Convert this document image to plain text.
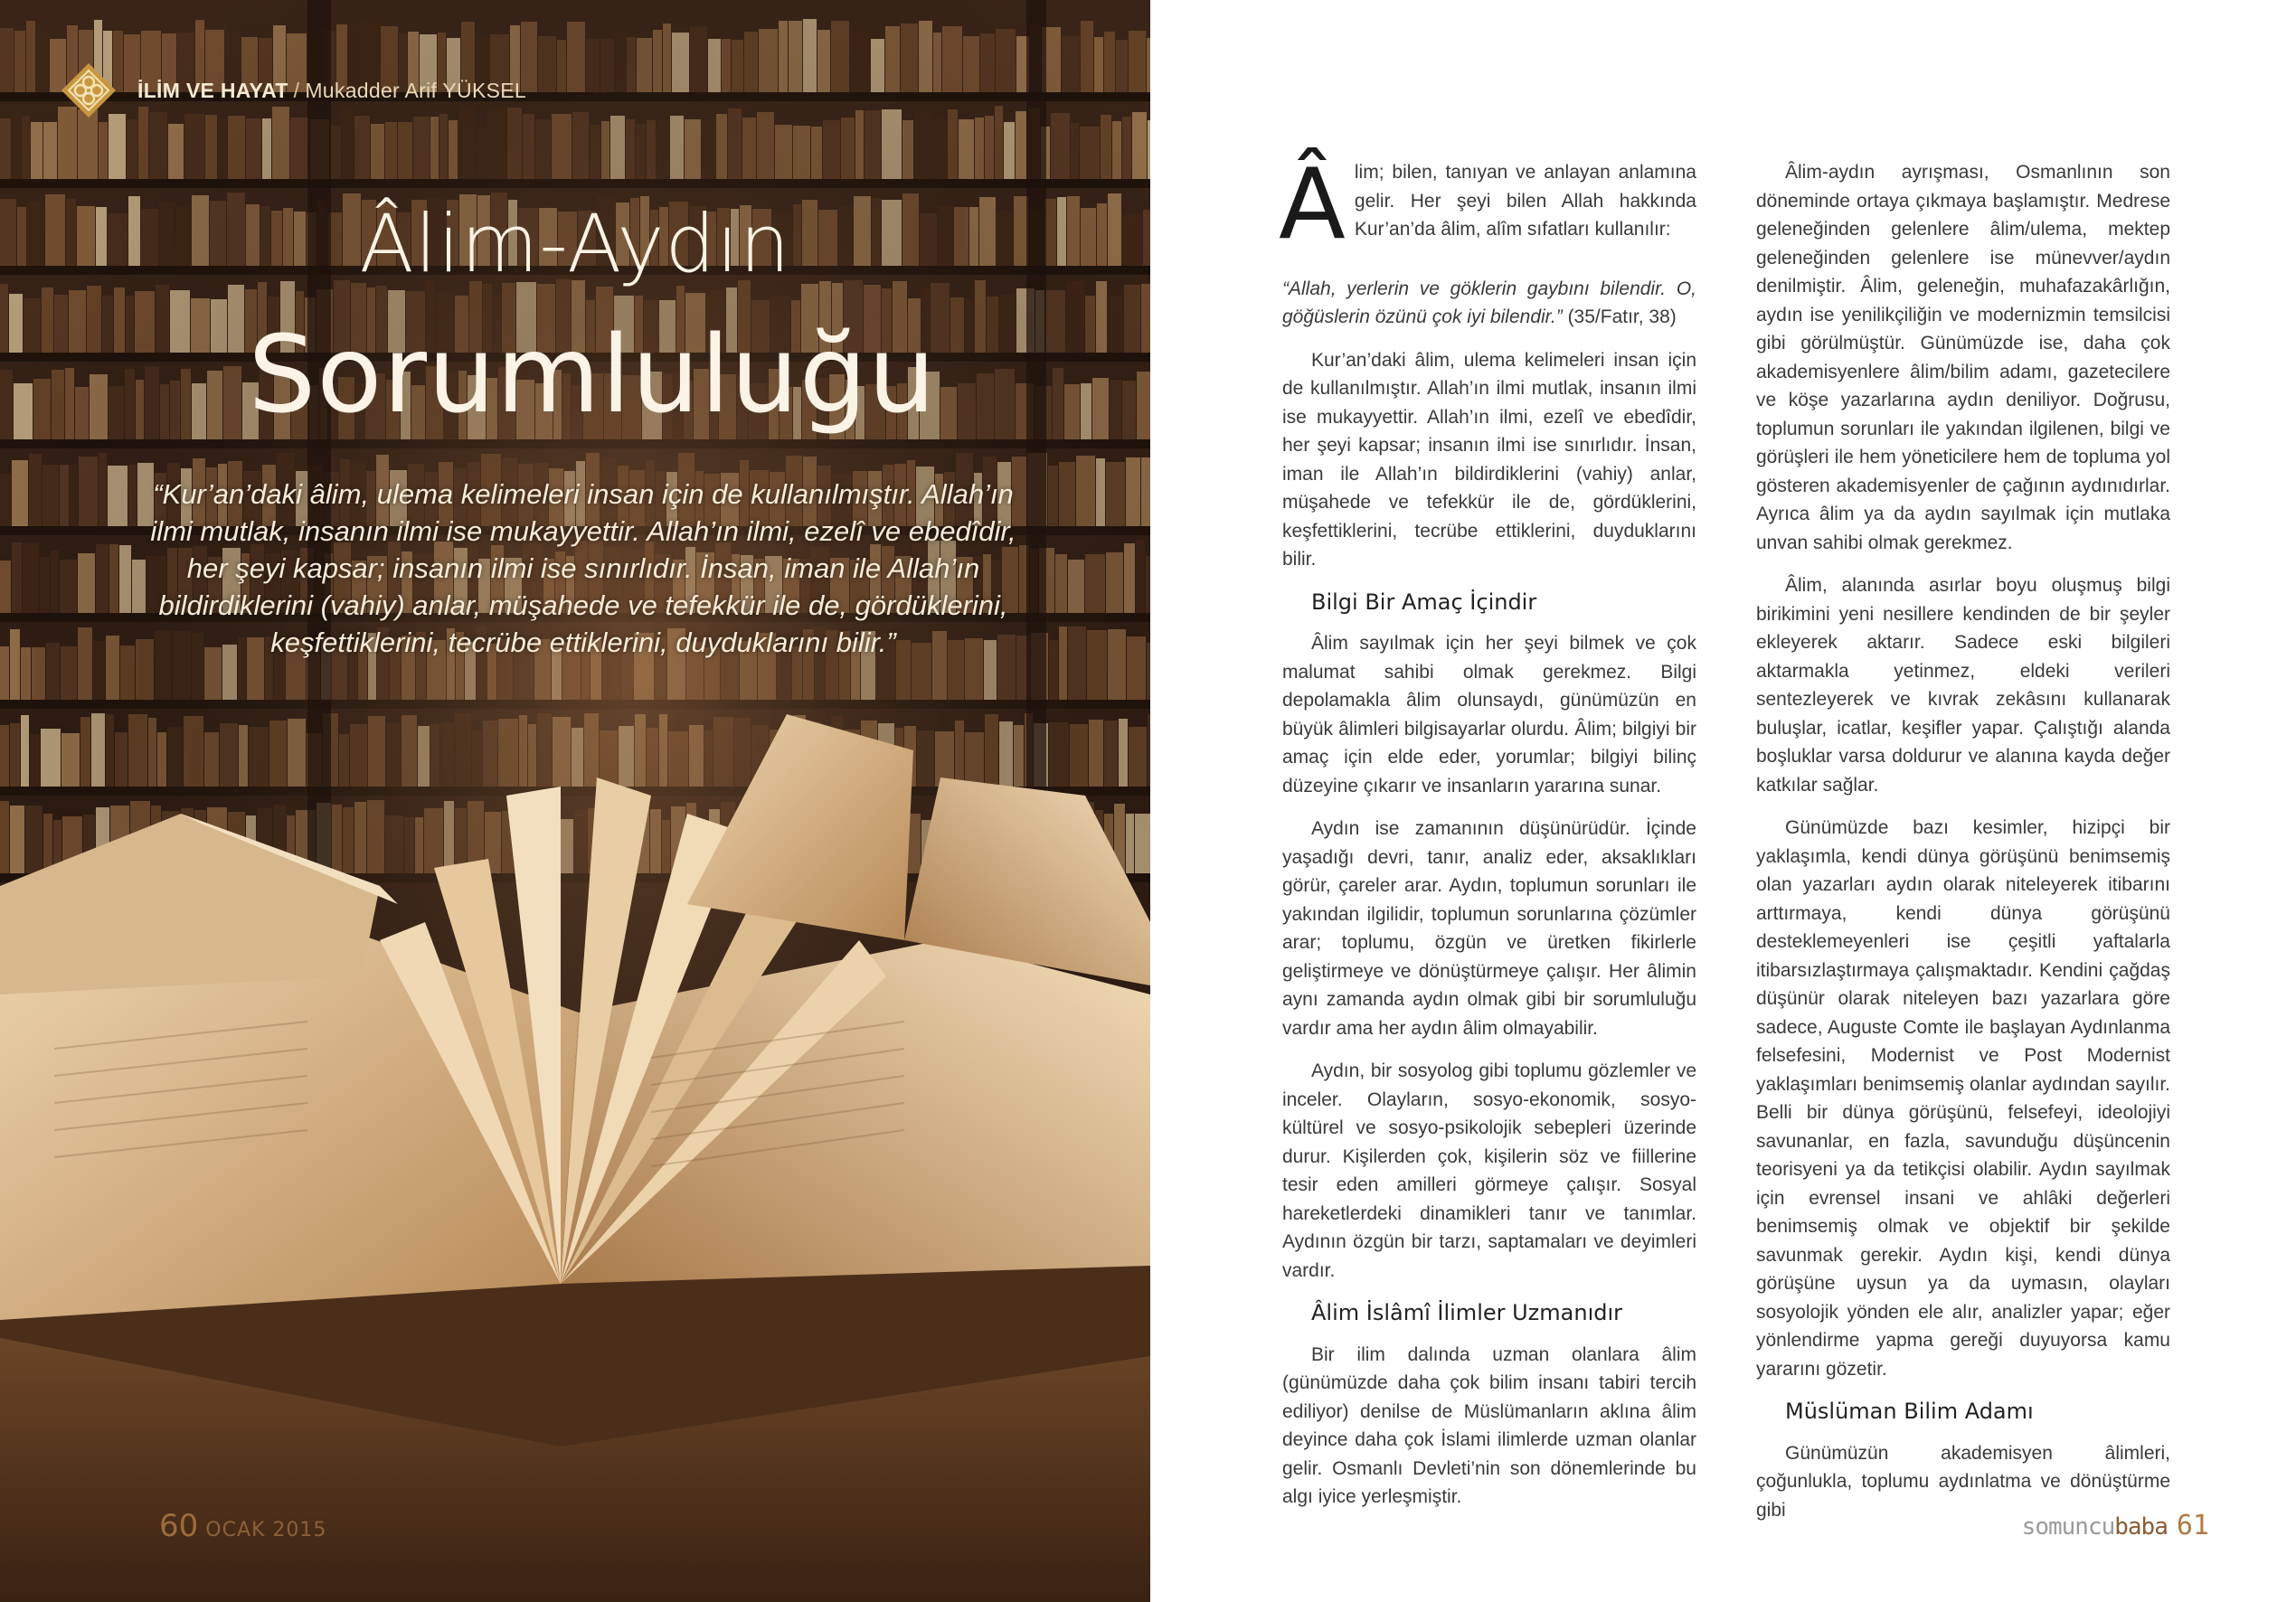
İLİM VE HAYAT / Mukadder Arif YÜKSEL
Âlim-Aydın
Sorumluluğu
“Kur’an’daki âlim, ulema kelimeleri insan için de kullanılmıştır. Allah’ın ilmi mutlak, insanın ilmi ise mukayyettir. Allah’ın ilmi, ezelî ve ebedîdir, her şeyi kapsar; insanın ilmi ise sınırlıdır. İnsan, iman ile Allah’ın bildirdiklerini (vahiy) anlar, müşahede ve tefekkür ile de, gördüklerini, keşfettiklerini, tecrübe ettiklerini, duyduklarını bilir.”
60 OCAK 2015

Âlim; bilen, tanıyan ve anlayan anlamına gelir. Her şeyi bilen Allah hakkında Kur’an’da âlim, alîm sıfatları kullanılır:

“Allah, yerlerin ve göklerin gaybını bilendir. O, göğüslerin özünü çok iyi bilendir.” (35/Fatır, 38)

Kur’an’daki âlim, ulema kelimeleri insan için de kullanılmıştır. Allah’ın ilmi mutlak, insanın ilmi ise mukayyettir. Allah’ın ilmi, ezelî ve ebedîdir, her şeyi kapsar; insanın ilmi ise sınırlıdır. İnsan, iman ile Allah’ın bildirdiklerini (vahiy) anlar, müşahede ve tefekkür ile de, gördüklerini, keşfettiklerini, tecrübe ettiklerini, duyduklarını bilir.

Bilgi Bir Amaç İçindir

Âlim sayılmak için her şeyi bilmek ve çok malumat sahibi olmak gerekmez. Bilgi depolamakla âlim olunsaydı, günümüzün en büyük âlimleri bilgisayarlar olurdu. Âlim; bilgiyi bir amaç için elde eder, yorumlar; bilgiyi bilinç düzeyine çıkarır ve insanların yararına sunar.

Aydın ise zamanının düşünürüdür. İçinde yaşadığı devri, tanır, analiz eder, aksaklıkları görür, çareler arar. Aydın, toplumun sorunları ile yakından ilgilidir, toplumun sorunlarına çözümler arar; toplumu, özgün ve üretken fikirlerle geliştirmeye ve dönüştürmeye çalışır. Her âlimin aynı zamanda aydın olmak gibi bir sorumluluğu vardır ama her aydın âlim olmayabilir.

Aydın, bir sosyolog gibi toplumu gözlemler ve inceler. Olayların, sosyo-ekonomik, sosyo-kültürel ve sosyo-psikolojik sebepleri üzerinde durur. Kişilerden çok, kişilerin söz ve fiillerine tesir eden amilleri görmeye çalışır. Sosyal hareketlerdeki dinamikleri tanır ve tanımlar. Aydının özgün bir tarzı, saptamaları ve deyimleri vardır.

Âlim İslâmî İlimler Uzmanıdır

Bir ilim dalında uzman olanlara âlim (günümüzde daha çok bilim insanı tabiri tercih ediliyor) denilse de Müslümanların aklına âlim deyince daha çok İslami ilimlerde uzman olanlar gelir. Osmanlı Devleti’nin son dönemlerinde bu algı iyice yerleşmiştir.

Âlim-aydın ayrışması, Osmanlının son döneminde ortaya çıkmaya başlamıştır. Medrese geleneğinden gelenlere âlim/ulema, mektep geleneğinden gelenlere ise münevver/aydın denilmiştir. Âlim, geleneğin, muhafazakârlığın, aydın ise yenilikçiliğin ve modernizmin temsilcisi gibi görülmüştür. Günümüzde ise, daha çok akademisyenlere âlim/bilim adamı, gazetecilere ve köşe yazarlarına aydın deniliyor. Doğrusu, toplumun sorunları ile yakından ilgilenen, bilgi ve görüşleri ile hem yöneticilere hem de topluma yol gösteren akademisyenler de çağının aydınıdırlar. Ayrıca âlim ya da aydın sayılmak için mutlaka unvan sahibi olmak gerekmez.

Âlim, alanında asırlar boyu oluşmuş bilgi birikimini yeni nesillere kendinden de bir şeyler ekleyerek aktarır. Sadece eski bilgileri aktarmakla yetinmez, eldeki verileri sentezleyerek ve kıvrak zekâsını kullanarak buluşlar, icatlar, keşifler yapar. Çalıştığı alanda boşluklar varsa doldurur ve alanına kayda değer katkılar sağlar.

Günümüzde bazı kesimler, hizipçi bir yaklaşımla, kendi dünya görüşünü benimsemiş olan yazarları aydın olarak niteleyerek itibarını arttırmaya, kendi dünya görüşünü desteklemeyenleri ise çeşitli yaftalarla itibarsızlaştırmaya çalışmaktadır. Kendini çağdaş düşünür olarak niteleyen bazı yazarlara göre sadece, Auguste Comte ile başlayan Aydınlanma felsefesini, Modernist ve Post Modernist yaklaşımları benimsemiş olanlar aydından sayılır. Belli bir dünya görüşünü, felsefeyi, ideolojiyi savunanlar, en fazla, savunduğu düşüncenin teorisyeni ya da tetikçisi olabilir. Aydın sayılmak için evrensel insani ve ahlâki değerleri benimsemiş olmak ve objektif bir şekilde savunmak gerekir. Aydın kişi, kendi dünya görüşüne uysun ya da uymasın, olayları sosyolojik yönden ele alır, analizler yapar; eğer yönlendirme yapma gereği duyuyorsa kamu yararını gözetir.

Müslüman Bilim Adamı

Günümüzün akademisyen âlimleri, çoğunlukla, toplumu aydınlatma ve dönüştürme gibi

somuncubaba 61
